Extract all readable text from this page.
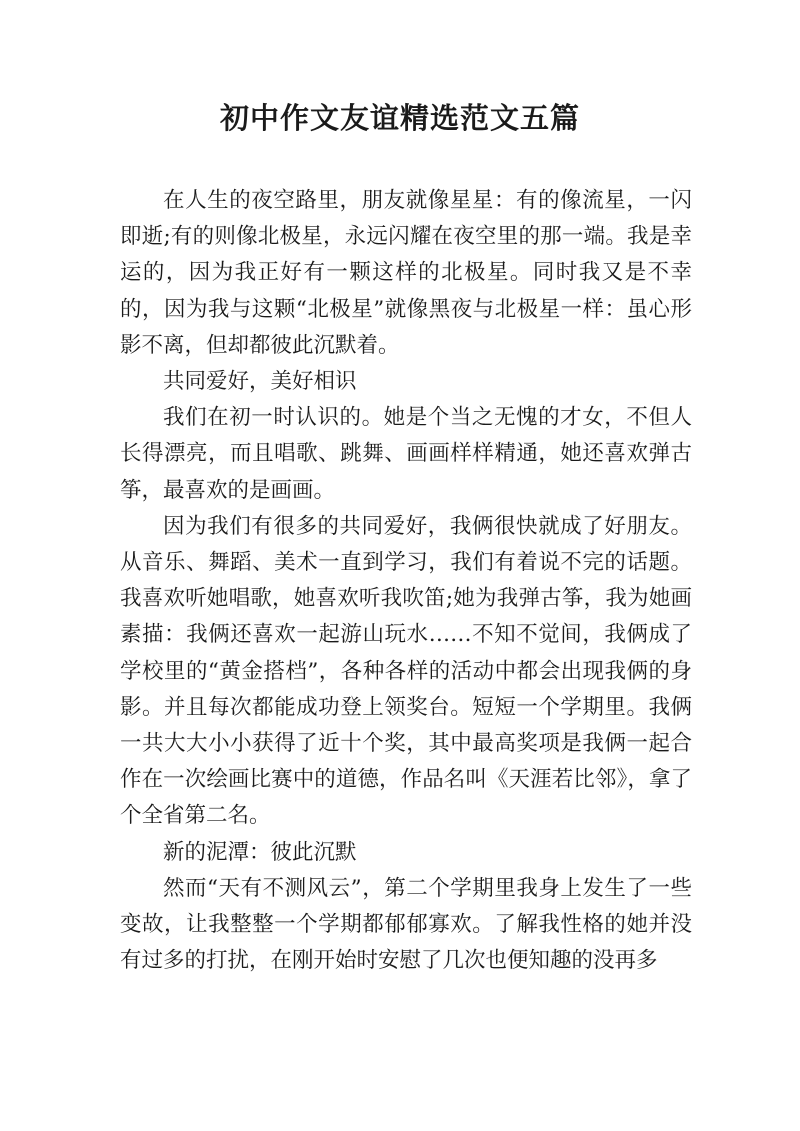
初中作文友谊精选范文五篇

在人生的夜空路里，朋友就像星星：有的像流星，一闪即逝;有的则像北极星，永远闪耀在夜空里的那一端。我是幸运的，因为我正好有一颗这样的北极星。同时我又是不幸的，因为我与这颗“北极星”就像黑夜与北极星一样：虽心形影不离，但却都彼此沉默着。

共同爱好，美好相识

我们在初一时认识的。她是个当之无愧的才女，不但人长得漂亮，而且唱歌、跳舞、画画样样精通，她还喜欢弹古筝，最喜欢的是画画。

因为我们有很多的共同爱好，我俩很快就成了好朋友。从音乐、舞蹈、美术一直到学习，我们有着说不完的话题。我喜欢听她唱歌，她喜欢听我吹笛;她为我弹古筝，我为她画素描：我俩还喜欢一起游山玩水……不知不觉间，我俩成了学校里的“黄金搭档”，各种各样的活动中都会出现我俩的身影。并且每次都能成功登上领奖台。短短一个学期里。我俩一共大大小小获得了近十个奖，其中最高奖项是我俩一起合作在一次绘画比赛中的道德，作品名叫《天涯若比邻》，拿了个全省第二名。

新的泥潭：彼此沉默

然而“天有不测风云”，第二个学期里我身上发生了一些变故，让我整整一个学期都郁郁寡欢。了解我性格的她并没有过多的打扰，在刚开始时安慰了几次也便知趣的没再多
